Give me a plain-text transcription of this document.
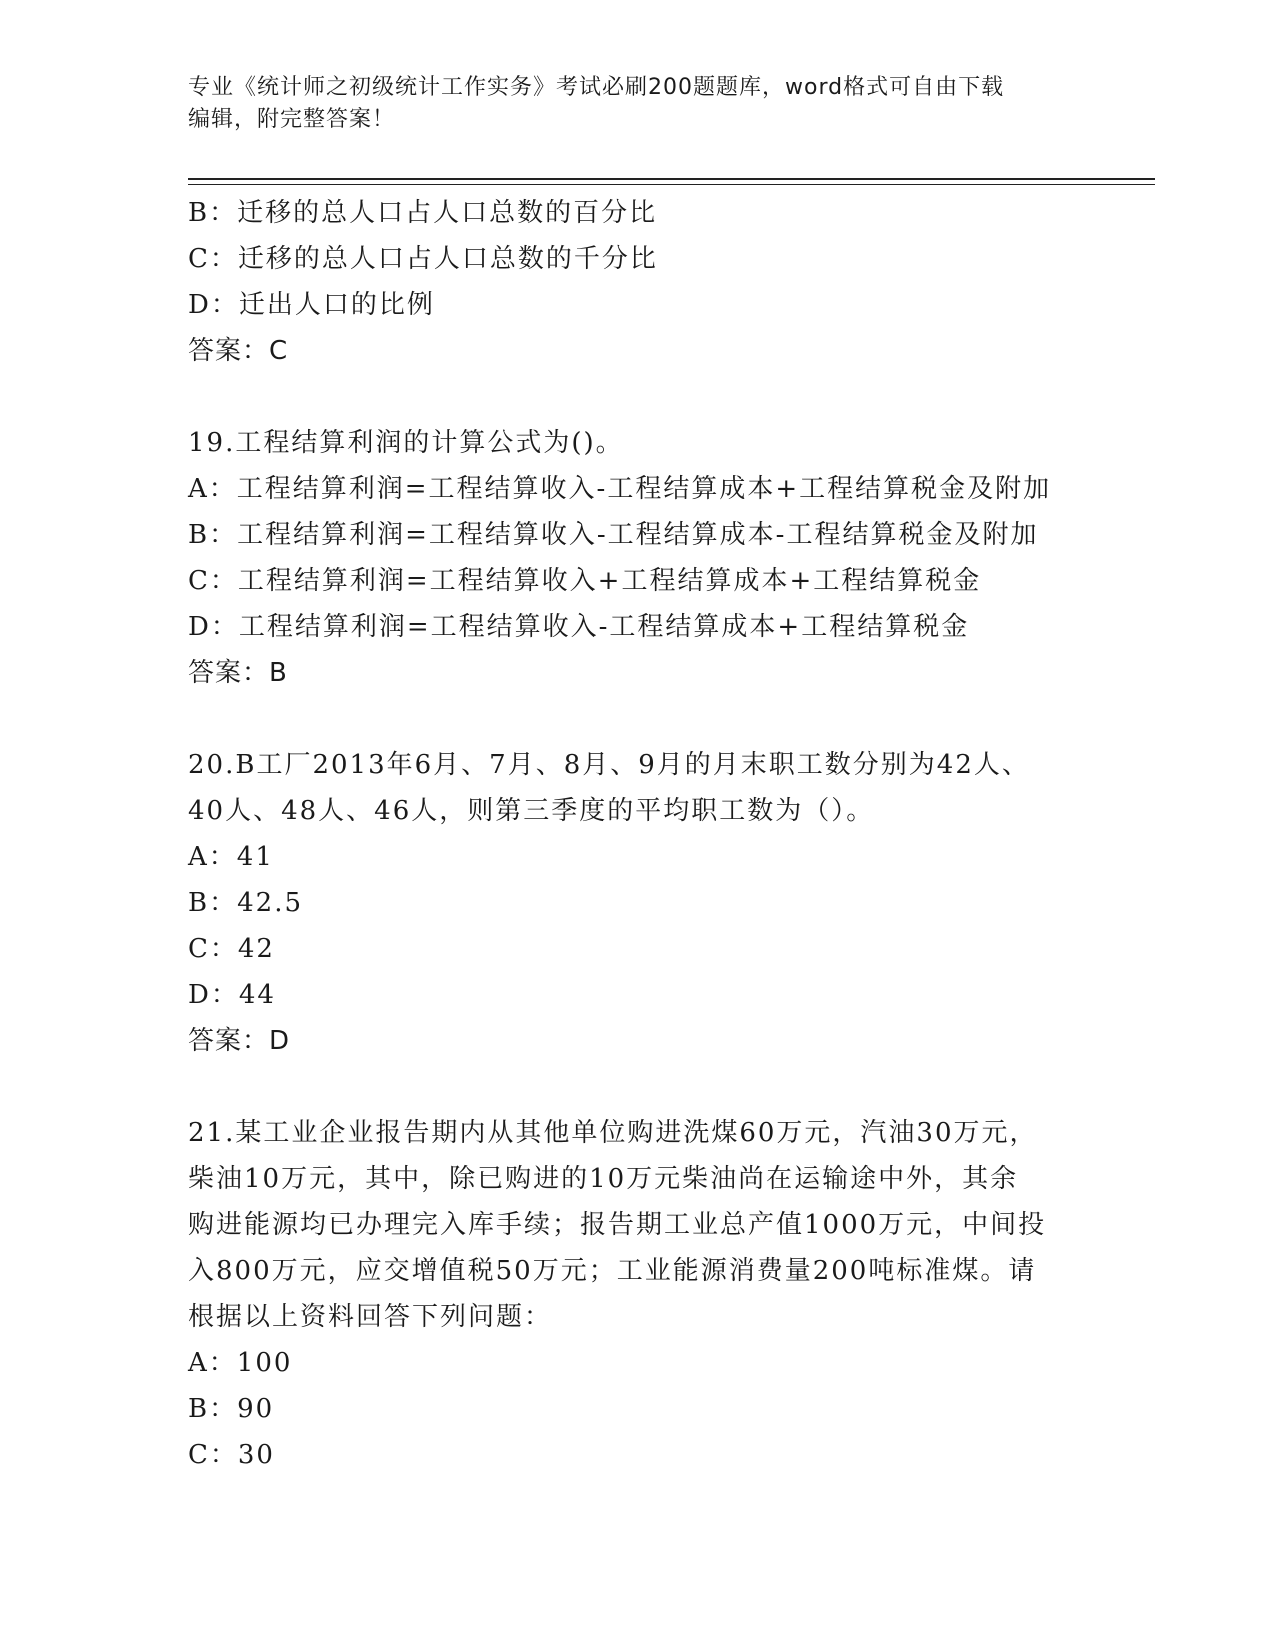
专业《统计师之初级统计工作实务》考试必刷200题题库，word格式可自由下载
编辑，附完整答案！
B：迁移的总人口占人口总数的百分比
C：迁移的总人口占人口总数的千分比
D：迁出人口的比例
答案：C
19.工程结算利润的计算公式为()。
A：工程结算利润=工程结算收入-工程结算成本+工程结算税金及附加
B：工程结算利润=工程结算收入-工程结算成本-工程结算税金及附加
C：工程结算利润=工程结算收入+工程结算成本+工程结算税金
D：工程结算利润=工程结算收入-工程结算成本+工程结算税金
答案：B
20.B工厂2013年6月、7月、8月、9月的月末职工数分别为42人、
40人、48人、46人，则第三季度的平均职工数为（）。
A：41
B：42.5
C：42
D：44
答案：D
21.某工业企业报告期内从其他单位购进洗煤60万元，汽油30万元，
柴油10万元，其中，除已购进的10万元柴油尚在运输途中外，其余
购进能源均已办理完入库手续；报告期工业总产值1000万元，中间投
入800万元，应交增值税50万元；工业能源消费量200吨标准煤。请
根据以上资料回答下列问题：
A：100
B：90
C：30
